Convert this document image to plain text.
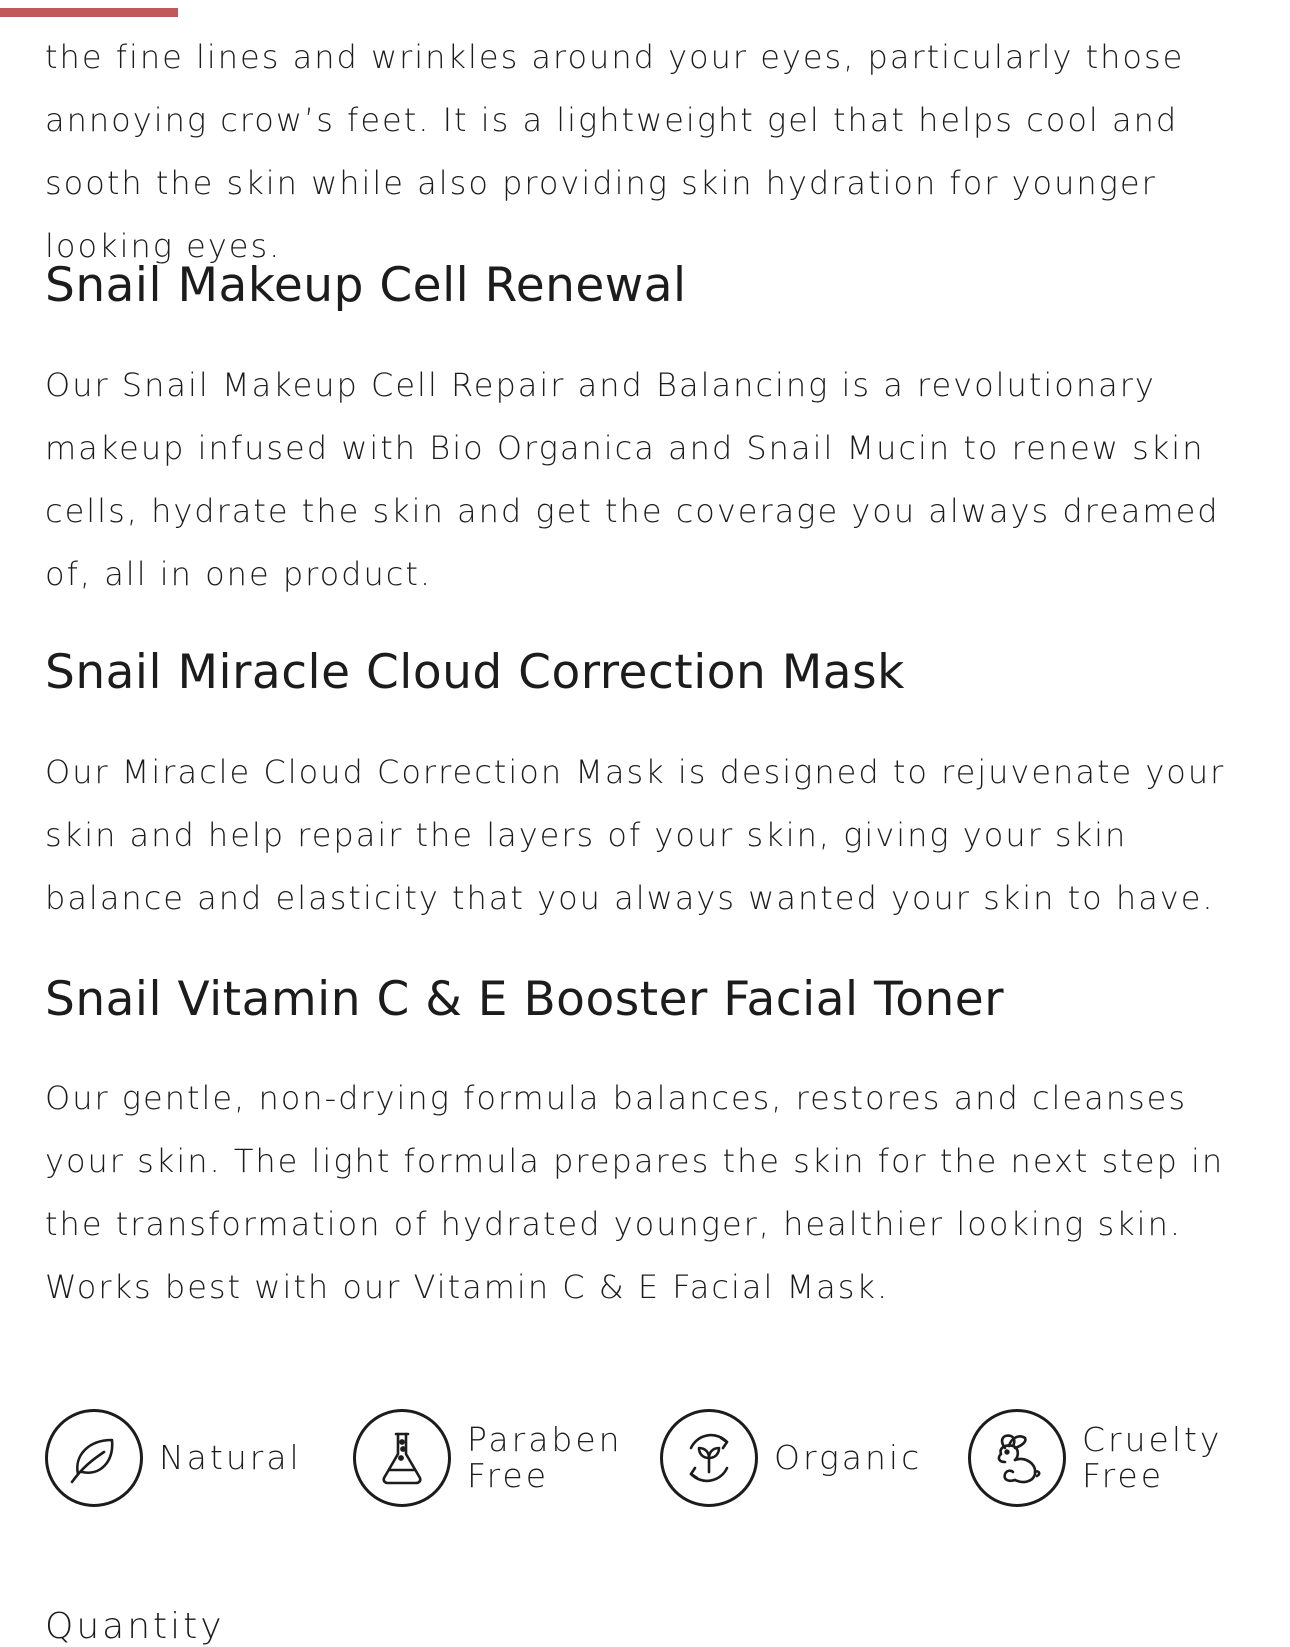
the fine lines and wrinkles around your eyes, particularly those annoying crow’s feet. It is a lightweight gel that helps cool and sooth the skin while also providing skin hydration for younger looking eyes.

Snail Makeup Cell Renewal

Our Snail Makeup Cell Repair and Balancing is a revolutionary makeup infused with Bio Organica and Snail Mucin to renew skin cells, hydrate the skin and get the coverage you always dreamed of, all in one product.

Snail Miracle Cloud Correction Mask

Our Miracle Cloud Correction Mask is designed to rejuvenate your skin and help repair the layers of your skin, giving your skin balance and elasticity that you always wanted your skin to have.

Snail Vitamin C & E Booster Facial Toner

Our gentle, non-drying formula balances, restores and cleanses your skin. The light formula prepares the skin for the next step in the transformation of hydrated younger, healthier looking skin. Works best with our Vitamin C & E Facial Mask.

Natural	Paraben
Free	Organic	Cruelty
Free

Quantity
